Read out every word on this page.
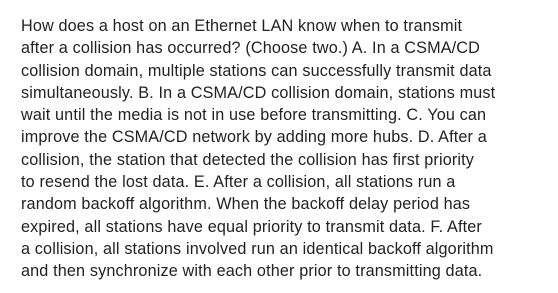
How does a host on an Ethernet LAN know when to transmit
after a collision has occurred? (Choose two.) A. In a CSMA/CD
collision domain, multiple stations can successfully transmit data
simultaneously. B. In a CSMA/CD collision domain, stations must
wait until the media is not in use before transmitting. C. You can
improve the CSMA/CD network by adding more hubs. D. After a
collision, the station that detected the collision has first priority
to resend the lost data. E. After a collision, all stations run a
random backoff algorithm. When the backoff delay period has
expired, all stations have equal priority to transmit data. F. After
a collision, all stations involved run an identical backoff algorithm
and then synchronize with each other prior to transmitting data.
